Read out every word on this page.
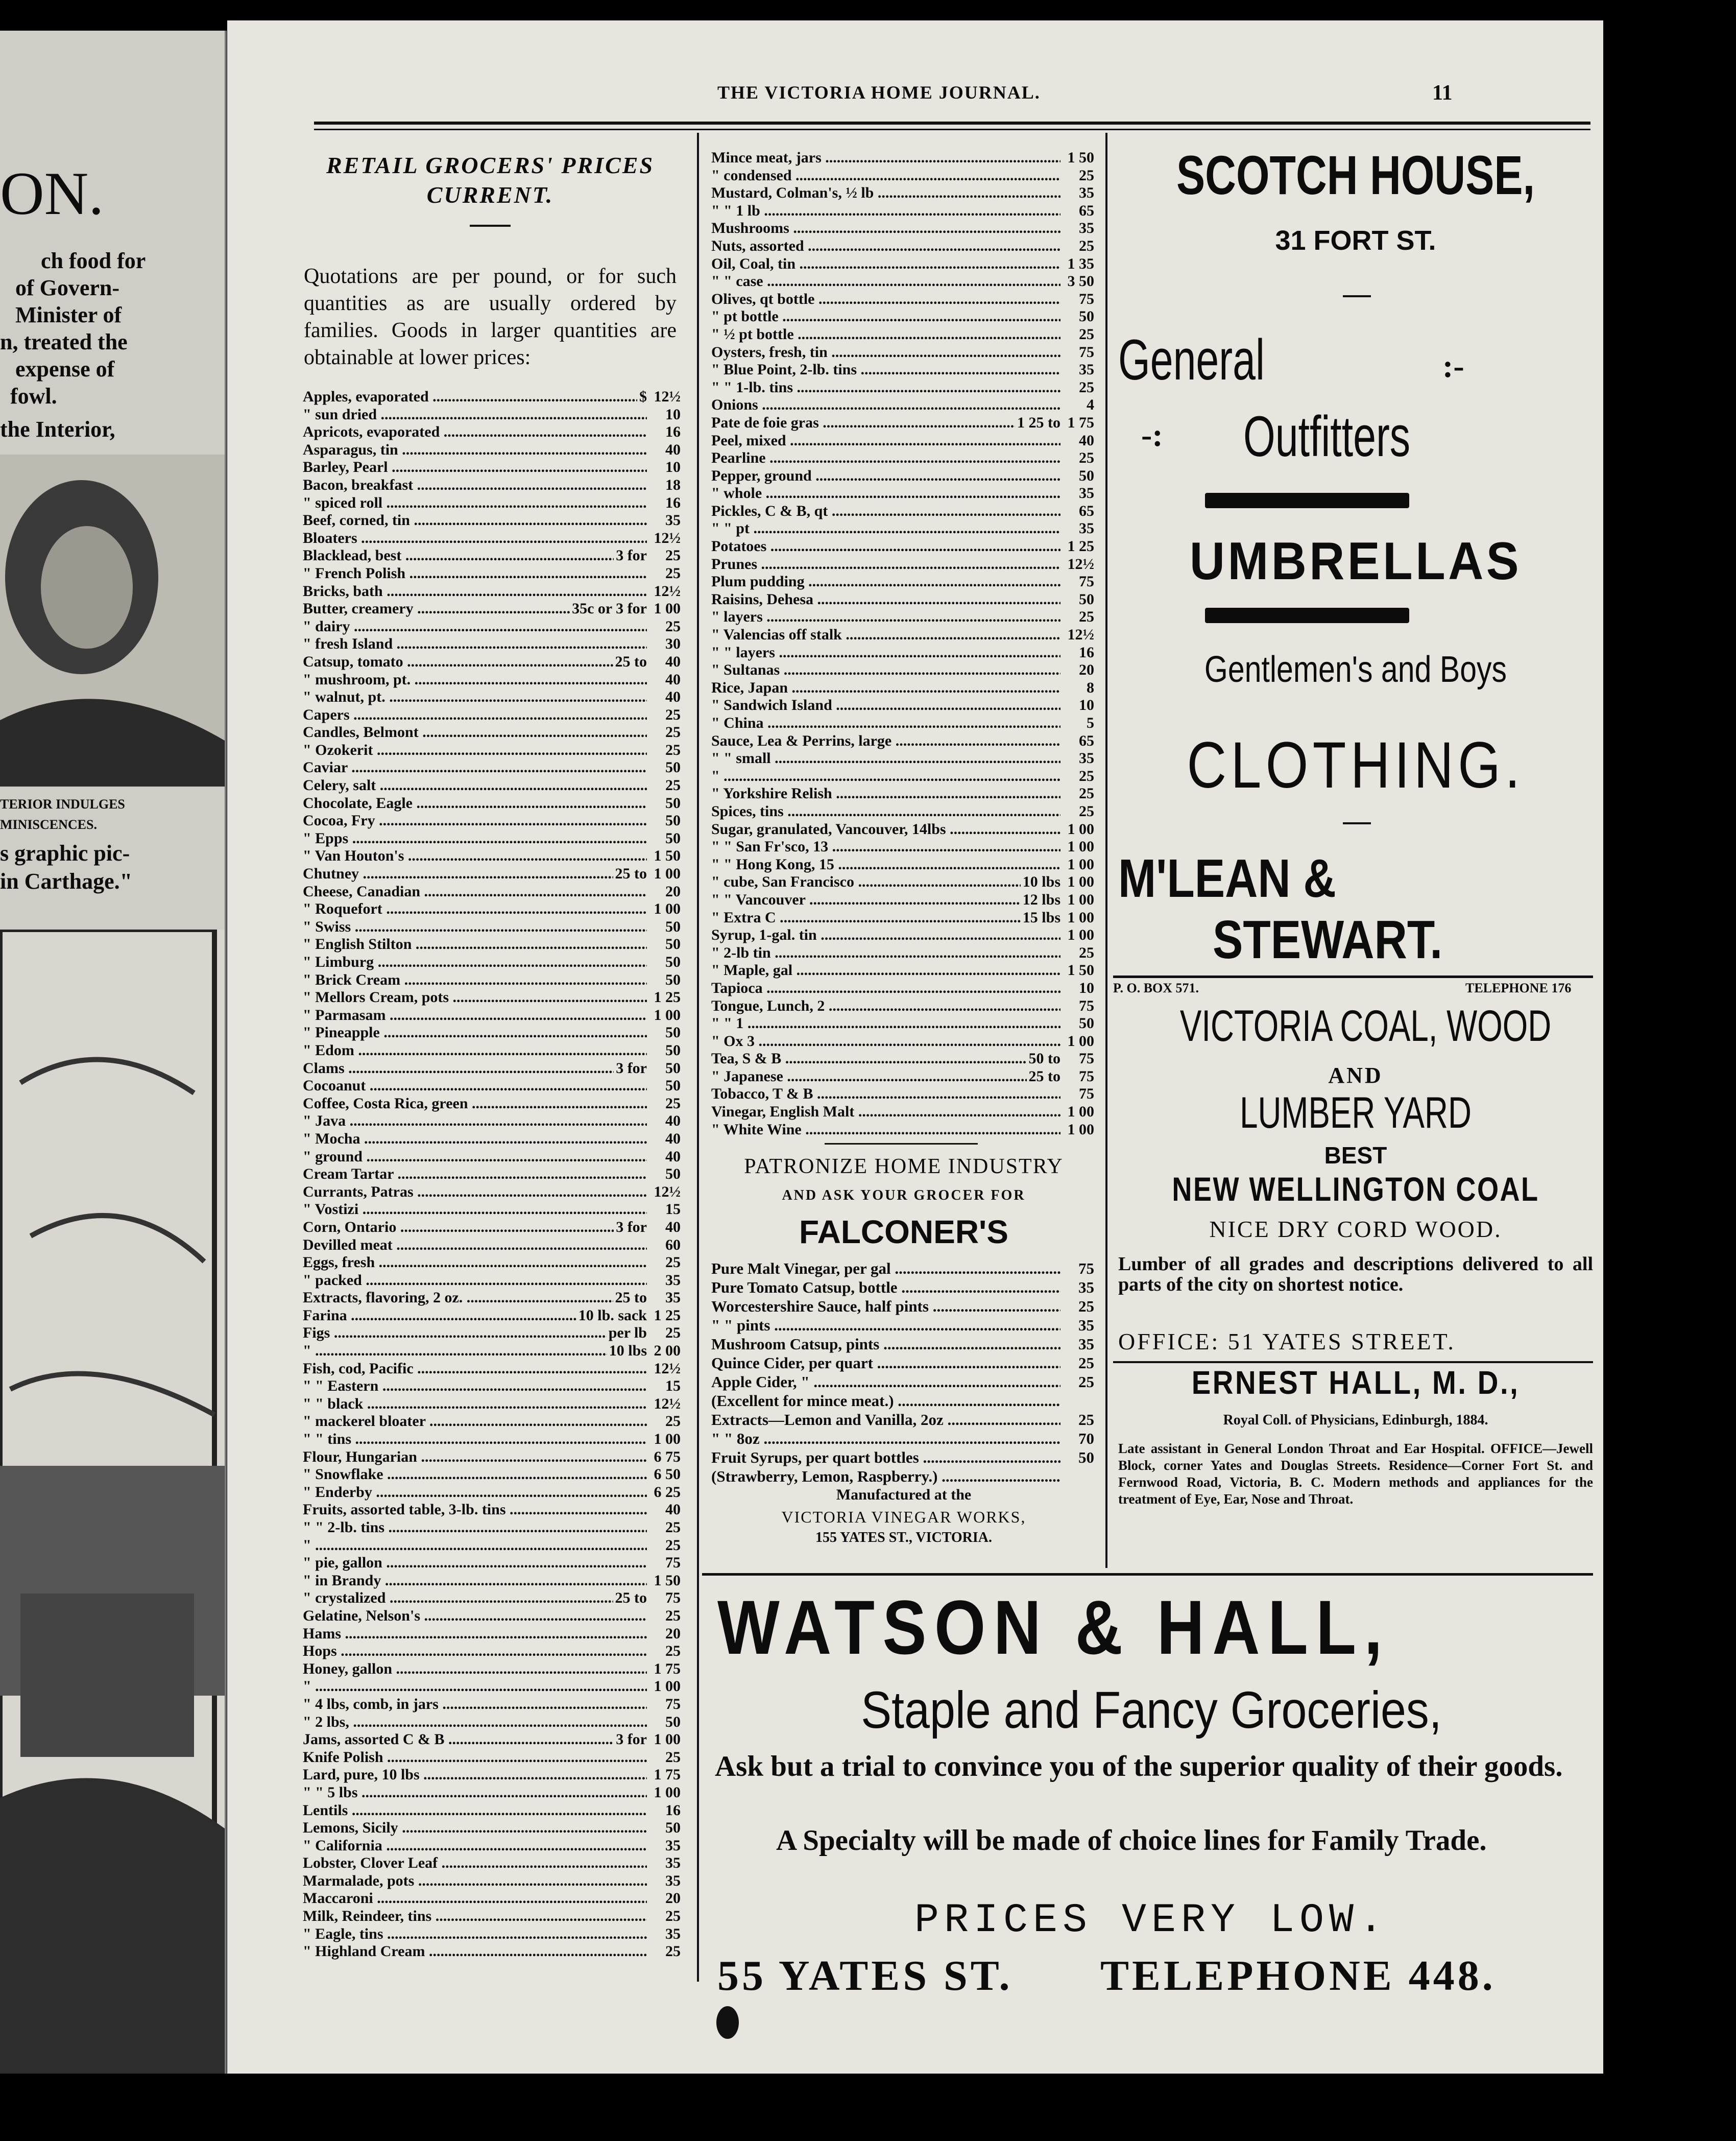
ON.
ch food for
of Govern-
Minister of
n, treated the
expense of
fowl.
the Interior,
TERIOR INDULGES
MINISCENCES.
s graphic pic-
in Carthage."
THE VICTORIA HOME JOURNAL.	11
RETAIL GROCERS' PRICES
CURRENT.
Quotations are per pound, or for such quantities as are usually ordered by families. Goods in larger quantities are obtainable at lower prices:
Apples, evaporated .....	$ 12½
" sun dried .....	10
Apricots, evaporated .....	16
Asparagus, tin .....	40
Barley, Pearl .....	10
Bacon, breakfast .....	18
" spiced roll .....	16
Beef, corned, tin .....	35
Bloaters .....	12½
Blacklead, best .....	3 for	25
" French Polish .....	25
Bricks, bath .....	12½
Butter, creamery .....	35c or 3 for 1 00
" dairy .....	25
" fresh Island .....	30
Catsup, tomato .....	25 to	40
" mushroom, pt. .....	40
" walnut, pt. .....	40
Capers .....	25
Candles, Belmont .....	25
" Ozokerit .....	25
Caviar .....	50
Celery, salt .....	25
Chocolate, Eagle .....	50
Cocoa, Fry .....	50
" Epps .....	50
" Van Houton's .....	1 50
Chutney .....	25 to 1 00
Cheese, Canadian .....	20
" Roquefort .....	1 00
" Swiss .....	50
" English Stilton .....	50
" Limburg .....	50
" Brick Cream .....	50
" Mellors Cream, pots .....	1 25
" Parmasam .....	1 00
" Pineapple .....	50
" Edom .....	50
Clams .....	3 for	50
Cocoanut .....	50
Coffee, Costa Rica, green .....	25
" Java .....	40
" Mocha .....	40
" ground .....	40
Cream Tartar .....	50
Currants, Patras .....	12½
" Vostizi .....	15
Corn, Ontario .....	3 for	40
Devilled meat .....	60
Eggs, fresh .....	25
" packed .....	35
Extracts, flavoring, 2 oz. .....	25 to	35
Farina .....	10 lb. sack 1 25
Figs .....	per lb	25
" .....	10 lbs 2 00
Fish, cod, Pacific .....	12½
" " Eastern .....	15
" " black .....	12½
" mackerel bloater .....	25
" " tins .....	1 00
Flour, Hungarian .....	6 75
" Snowflake .....	6 50
" Enderby .....	6 25
Fruits, assorted table, 3-lb. tins .....	40
" " 2-lb. tins .....	25
" .....	25
" pie, gallon .....	75
" in Brandy .....	1 50
" crystalized .....	25 to	75
Gelatine, Nelson's .....	25
Hams .....	20
Hops .....	25
Honey, gallon .....	1 75
" .....	1 00
" 4 lbs, comb, in jars .....	75
" 2 lbs, .....	50
Jams, assorted C & B .....	3 for 1 00
Knife Polish .....	25
Lard, pure, 10 lbs .....	1 75
" " 5 lbs .....	1 00
Lentils .....	16
Lemons, Sicily .....	50
" California .....	35
Lobster, Clover Leaf .....	35
Marmalade, pots .....	35
Maccaroni .....	20
Milk, Reindeer, tins .....	25
" Eagle, tins .....	35
" Highland Cream .....	25
Mince meat, jars .....	1 50
" condensed .....	25
Mustard, Colman's, ½ lb .....	35
" " 1 lb .....	65
Mushrooms .....	35
Nuts, assorted .....	25
Oil, Coal, tin .....	1 35
" " case .....	3 50
Olives, qt bottle .....	75
" pt bottle .....	50
" ½ pt bottle .....	25
Oysters, fresh, tin .....	75
" Blue Point, 2-lb. tins .....	35
" " 1-lb. tins .....	25
Onions .....	4
Pate de foie gras .....	1 25 to 1 75
Peel, mixed .....	40
Pearline .....	25
Pepper, ground .....	50
" whole .....	35
Pickles, C & B, qt .....	65
" " pt .....	35
Potatoes .....	1 25
Prunes .....	12½
Plum pudding .....	75
Raisins, Dehesa .....	50
" layers .....	25
" Valencias off stalk .....	12½
" " layers .....	16
" Sultanas .....	20
Rice, Japan .....	8
" Sandwich Island .....	10
" China .....	5
Sauce, Lea & Perrins, large .....	65
" " small .....	35
" .....	25
" Yorkshire Relish .....	25
Spices, tins .....	25
Sugar, granulated, Vancouver, 14lbs .....	1 00
" " San Fr'sco, 13 .....	1 00
" " Hong Kong, 15 .....	1 00
" cube, San Francisco .....	10 lbs 1 00
" " Vancouver .....	12 lbs 1 00
" Extra C .....	15 lbs 1 00
Syrup, 1-gal. tin .....	1 00
" 2-lb tin .....	25
" Maple, gal .....	1 50
Tapioca .....	10
Tongue, Lunch, 2 .....	75
" " 1 .....	50
" Ox 3 .....	1 00
Tea, S & B .....	50 to	75
" Japanese .....	25 to	75
Tobacco, T & B .....	75
Vinegar, English Malt .....	1 00
" White Wine .....	1 00
PATRONIZE HOME INDUSTRY
AND ASK YOUR GROCER FOR
FALCONER'S
Pure Malt Vinegar, per gal .....	75
Pure Tomato Catsup, bottle .....	35
Worcestershire Sauce, half pints .....	25
" " pints .....	35
Mushroom Catsup, pints .....	35
Quince Cider, per quart .....	25
Apple Cider, " .....	25
(Excellent for mince meat.) .....
Extracts—Lemon and Vanilla, 2oz .....	25
" " 8oz .....	70
Fruit Syrups, per quart bottles .....	50
(Strawberry, Lemon, Raspberry.) .....
Manufactured at the
VICTORIA VINEGAR WORKS,
155 YATES ST., VICTORIA.
SCOTCH HOUSE,
31 FORT ST.
General	:-
-: Outfitters
UMBRELLAS
Gentlemen's and Boys
CLOTHING.
M'LEAN &
STEWART.
P. O. BOX 571.	TELEPHONE 176
VICTORIA COAL, WOOD
AND
LUMBER YARD
BEST
NEW WELLINGTON COAL
NICE DRY CORD WOOD.
Lumber of all grades and descriptions delivered to all parts of the city on shortest notice.
OFFICE: 51 YATES STREET.
ERNEST HALL, M. D.,
Royal Coll. of Physicians, Edinburgh, 1884.
Late assistant in General London Throat and Ear Hospital. OFFICE—Jewell Block, corner Yates and Douglas Streets. Residence—Corner Fort St. and Fernwood Road, Victoria, B. C. Modern methods and appliances for the treatment of Eye, Ear, Nose and Throat.
WATSON & HALL,
Staple and Fancy Groceries,
Ask but a trial to convince you of the superior quality of their goods.
A Specialty will be made of choice lines for Family Trade.
PRICES VERY LOW.
55 YATES ST. TELEPHONE 448.
